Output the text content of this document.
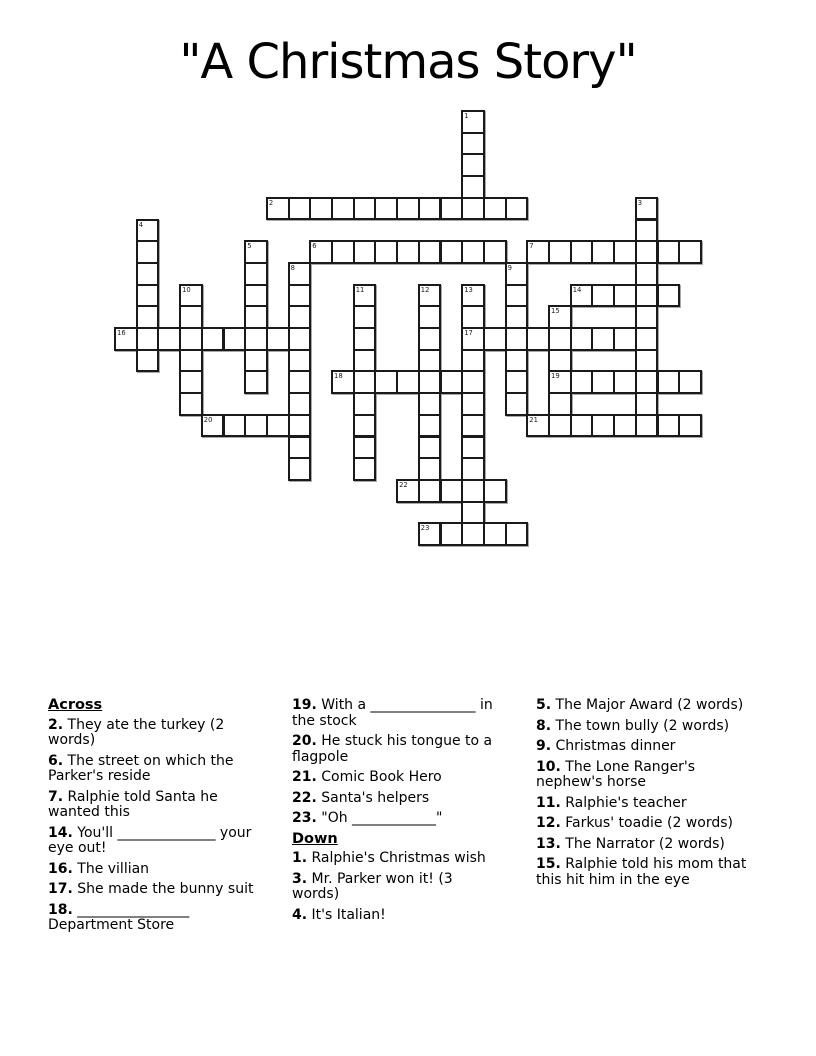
"A Christmas Story"
2
6	7
14
16	17
18	19
20	21
22
23
1
3
4
5
8	9
10	11	12	13
15
Across

2. They ate the turkey (2 words)

6. The street on which the Parker's reside

7. Ralphie told Santa he wanted this

14. You'll ______________ your eye out!

16. The villian

17. She made the bunny suit

18. ________________ Department Store

19. With a _______________ in the stock

20. He stuck his tongue to a flagpole

21. Comic Book Hero

22. Santa's helpers

23. "Oh ____________"

Down

1. Ralphie's Christmas wish

3. Mr. Parker won it! (3 words)

4. It's Italian!

5. The Major Award (2 words)

8. The town bully (2 words)

9. Christmas dinner

10. The Lone Ranger's nephew's horse

11. Ralphie's teacher

12. Farkus' toadie (2 words)

13. The Narrator (2 words)

15. Ralphie told his mom that this hit him in the eye
